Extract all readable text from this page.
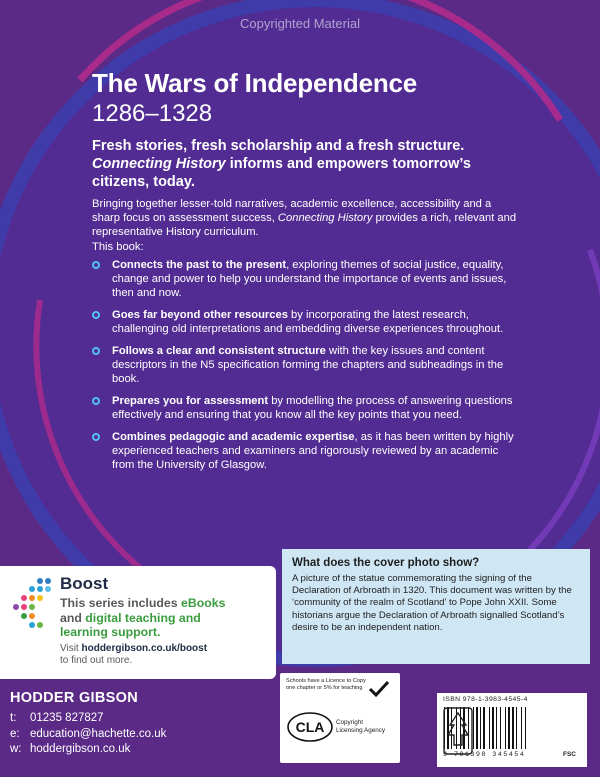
Copyrighted Material
The Wars of Independence
1286–1328

Fresh stories, fresh scholarship and a fresh structure. Connecting History informs and empowers tomorrow’s citizens, today.

Bringing together lesser-told narratives, academic excellence, accessibility and a sharp focus on assessment success, Connecting History provides a rich, relevant and representative History curriculum.

This book:
Connects the past to the present, exploring themes of social justice, equality, change and power to help you understand the importance of events and issues, then and now.
Goes far beyond other resources by incorporating the latest research, challenging old interpretations and embedding diverse experiences throughout.
Follows a clear and consistent structure with the key issues and content descriptors in the N5 specification forming the chapters and subheadings in the book.
Prepares you for assessment by modelling the process of answering questions effectively and ensuring that you know all the key points that you need.
Combines pedagogic and academic expertise, as it has been written by highly experienced teachers and examiners and rigorously reviewed by an academic from the University of Glasgow.
What does the cover photo show?
A picture of the statue commemorating the signing of the Declaration of Arbroath in 1320. This document was written by the ‘community of the realm of Scotland’ to Pope John XXII. Some historians argue the Declaration of Arbroath signalled Scotland’s desire to be an independent nation.
Boost
This series includes eBooks
and digital teaching and
learning support.
Visit hoddergibson.co.uk/boost
to find out more.
HODDER GIBSON
t: 01235 827827
e: education@hachette.co.uk
w: hoddergibson.co.uk
Schools have a Licence to Copy one chapter or 5% for teaching
CLA Copyright
Licensing Agency
ISBN 978-1-3983-4545-4
9 781398 345454	FSC
